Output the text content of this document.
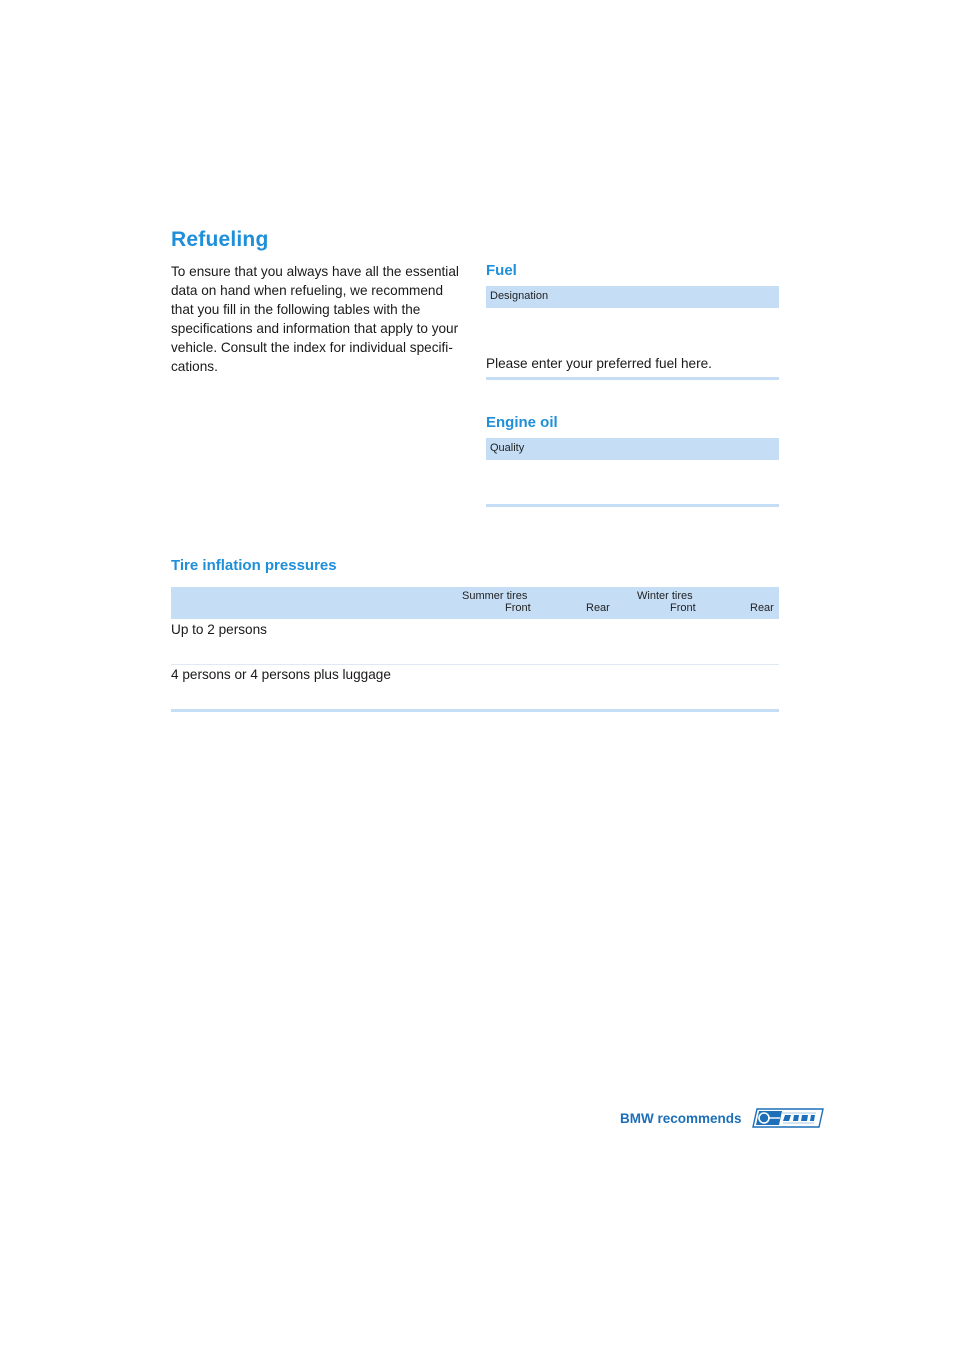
Refueling
To ensure that you always have all the essential data on hand when refueling, we recommend that you fill in the following tables with the specifications and information that apply to your vehicle. Consult the index for individual specifications.
Fuel
Designation
Please enter your preferred fuel here.
Engine oil
Quality
Tire inflation pressures
Summer tires
Front	Rear
Winter tires
Front	Rear
Up to 2 persons
4 persons or 4 persons plus luggage
BMW recommends
